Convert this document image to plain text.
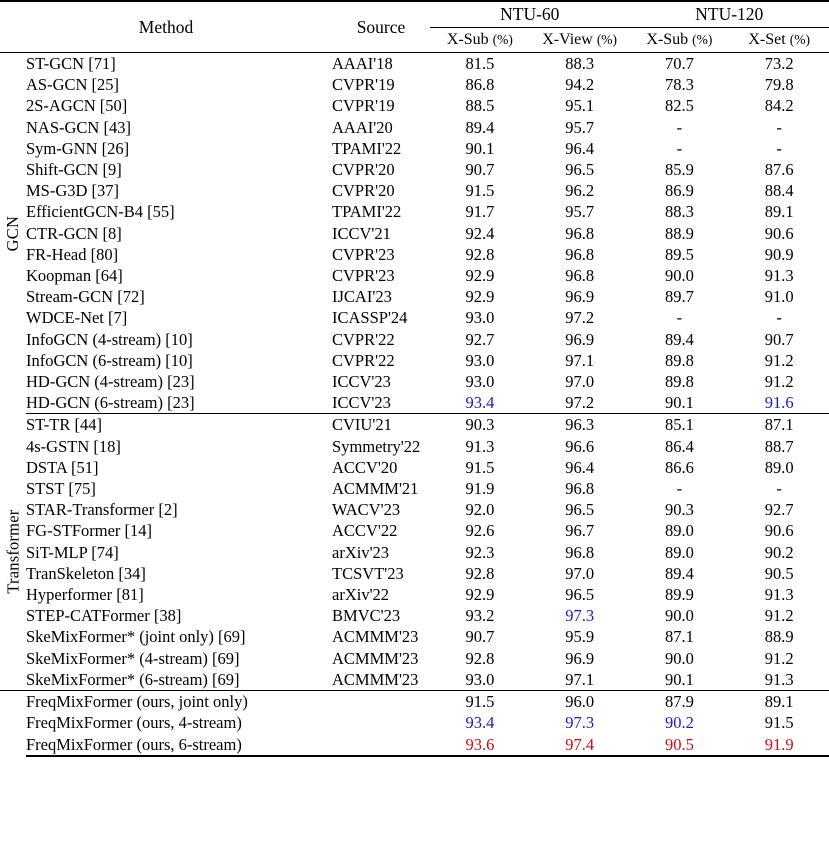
Method		Source	NTU-60		NTU-120	
			X-Sub (%)	X-View (%)	X-Sub (%)	X-Set (%)

GCN	ST-GCN [71]	AAAI'18	81.5	88.3	70.7	73.2
	AS-GCN [25]	CVPR'19	86.8	94.2	78.3	79.8
	2S-AGCN [50]	CVPR'19	88.5	95.1	82.5	84.2
	NAS-GCN [43]	AAAI'20	89.4	95.7	-	-
	Sym-GNN [26]	TPAMI'22	90.1	96.4	-	-
	Shift-GCN [9]	CVPR'20	90.7	96.5	85.9	87.6
	MS-G3D [37]	CVPR'20	91.5	96.2	86.9	88.4
	EfficientGCN-B4 [55]	TPAMI'22	91.7	95.7	88.3	89.1
	CTR-GCN [8]	ICCV'21	92.4	96.8	88.9	90.6
	FR-Head [80]	CVPR'23	92.8	96.8	89.5	90.9
	Koopman [64]	CVPR'23	92.9	96.8	90.0	91.3
	Stream-GCN [72]	IJCAI'23	92.9	96.9	89.7	91.0
	WDCE-Net [7]	ICASSP'24	93.0	97.2	-	-
	InfoGCN (4-stream) [10]	CVPR'22	92.7	96.9	89.4	90.7
	InfoGCN (6-stream) [10]	CVPR'22	93.0	97.1	89.8	91.2
	HD-GCN (4-stream) [23]	ICCV'23	93.0	97.0	89.8	91.2
	HD-GCN (6-stream) [23]	ICCV'23	93.4	97.2	90.1	91.6

Transformer	ST-TR [44]	CVIU'21	90.3	96.3	85.1	87.1
	4s-GSTN [18]	Symmetry'22	91.3	96.6	86.4	88.7
	DSTA [51]	ACCV'20	91.5	96.4	86.6	89.0
	STST [75]	ACMMM'21	91.9	96.8	-	-
	STAR-Transformer [2]	WACV'23	92.0	96.5	90.3	92.7
	FG-STFormer [14]	ACCV'22	92.6	96.7	89.0	90.6
	SiT-MLP [74]	arXiv'23	92.3	96.8	89.0	90.2
	TranSkeleton [34]	TCSVT'23	92.8	97.0	89.4	90.5
	Hyperformer [81]	arXiv'22	92.9	96.5	89.9	91.3
	STEP-CATFormer [38]	BMVC'23	93.2	97.3	90.0	91.2
	SkeMixFormer* (joint only) [69]	ACMMM'23	90.7	95.9	87.1	88.9
	SkeMixFormer* (4-stream) [69]	ACMMM'23	92.8	96.9	90.0	91.2
	SkeMixFormer* (6-stream) [69]	ACMMM'23	93.0	97.1	90.1	91.3
	FreqMixFormer (ours, joint only)		91.5	96.0	87.9	89.1
	FreqMixFormer (ours, 4-stream)		93.4	97.3	90.2	91.5
	FreqMixFormer (ours, 6-stream)		93.6	97.4	90.5	91.9
